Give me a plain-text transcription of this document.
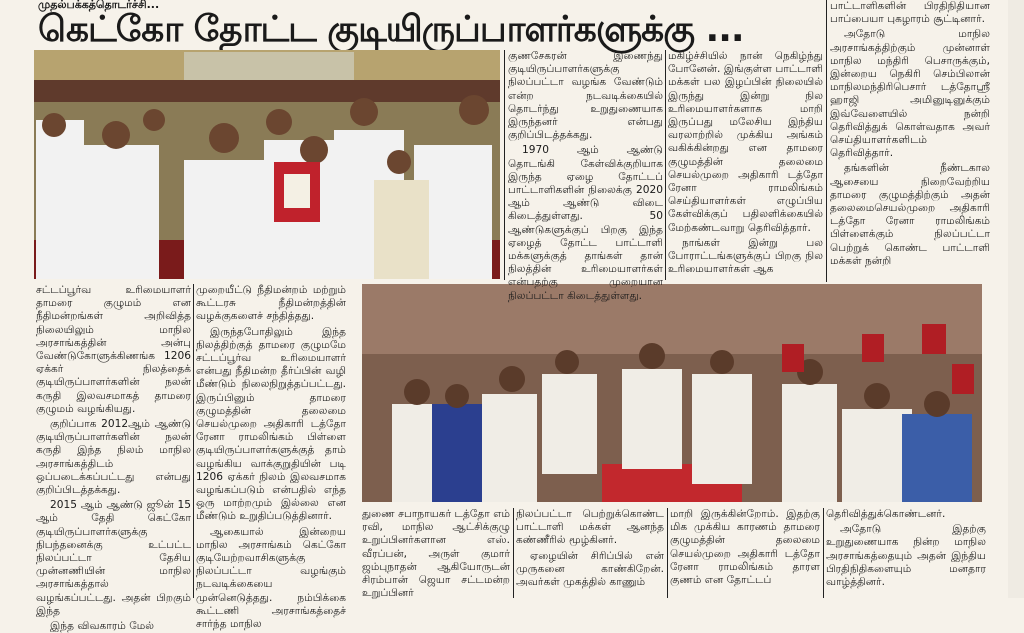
முதல்பக்கத்தொடர்ச்சி...
கெட்கோ தோட்ட குடியிருப்பாளர்களுக்கு ...

சட்டப்பூர்வ உரிமையாளர் தாமரை குழுமம் என நீதிமன்றங்கள் அறிவித்த நிலையிலும் மாநில அரசாங்கத்தின் அன்பு வேண்டுகோளுக்கிணங்க 1206 ஏக்கர் நிலத்தைக் குடியிருப்பாளர்களின் நலன் கருதி இலவசமாகத் தாமரை குழுமம் வழங்கியது.

குறிப்பாக 2012ஆம் ஆண்டு குடியிருப்பாளர்களின் நலன் கருதி இந்த நிலம் மாநில அரசாங்கத்திடம் ஒப்படைக்கப்பட்டது என்பது குறிப்பிடத்தக்கது.

2015 ஆம் ஆண்டு ஜூன் 15 ஆம் தேதி கெட்கோ குடியிருப்பாளர்களுக்கு நிபந்தனைக்கு உட்பட்ட நிலப்பட்டா தேசிய முன்னணியின் மாநில அரசாங்கத்தால் வழங்கப்பட்டது. அதன் பிறகும் இந்த

இந்த விவகாரம் மேல்

முறையீட்டு நீதிமன்றம் மற்றும் கூட்டரசு நீதிமன்றத்தின் வழக்குகளைச் சந்தித்தது.

இருந்தபோதிலும் இந்த நிலத்திற்குத் தாமரை குழுமமே சட்டப்பூர்வ உரிமையாளர் என்பது நீதிமன்ற தீர்ப்பின் வழி மீண்டும் நிலைநிறுத்தப்பட்டது. இருப்பினும் தாமரை குழுமத்தின் தலைமை செயல்முறை அதிகாரி டத்தோ ரேனா ராமலிங்கம் பிள்ளை குடியிருப்பாளர்களுக்குத் தாம் வழங்கிய வாக்குறுதியின் படி 1206 ஏக்கர் நிலம் இலவசமாக வழங்கப்படும் என்பதில் எந்த ஒரு மாற்றமும் இல்லை என மீண்டும் உறுதிப்படுத்தினார்.

ஆகையால் இன்றைய மாநில அரசாங்கம் கெட்கோ குடியேற்றவாசிகளுக்கு நிலப்பட்டா வழங்கும் நடவடிக்கையை முன்னெடுத்தது. நம்பிக்கை கூட்டணி அரசாங்கத்தைச் சார்ந்த மாநில

குணசேகரன் இணைந்து குடியிருப்பாளர்களுக்கு நிலப்பட்டா வழங்க வேண்டும் என்ற நடவடிக்கையில் தொடர்ந்து உறுதுணையாக இருந்தனர் என்பது குறிப்பிடத்தக்கது.

1970 ஆம் ஆண்டு தொடங்கி கேள்விக்குறியாக இருந்த ஏழை தோட்டப் பாட்டாளிகளின் நிலைக்கு 2020 ஆம் ஆண்டு விடை கிடைத்துள்ளது. 50 ஆண்டுகளுக்குப் பிறகு இந்த ஏழைத் தோட்ட பாட்டாளி மக்களுக்குத் தாங்கள் தான் நிலத்தின் உரிமையாளர்கள் என்பதற்கு முறையான நிலப்பட்டா கிடைத்துள்ளது.

மகிழ்ச்சியில் நான் நெகிழ்ந்து போனேன். இங்குள்ள பாட்டாளி மக்கள் பல இழப்பின் நிலையில் இருந்து இன்று நில உரிமையாளர்களாக மாறி இருப்பது மலேசிய இந்திய வரலாற்றில் முக்கிய அங்கம் வகிக்கின்றது என தாமரை குழுமத்தின் தலைமை செயல்முறை அதிகாரி டத்தோ ரேனா ராமலிங்கம் செய்தியாளர்கள் எழுப்பிய கேள்விக்குப் பதிலளிக்கையில் மேற்கண்டவாறு தெரிவித்தார்.

நாங்கள் இன்று பல போராட்டங்களுக்குப் பிறகு நில உரிமையாளர்கள் ஆக

பாட்டாளிகளின் பிரதிநிதியான பாப்பையா புகழாரம் சூட்டினார்.

அதோடு மாநில அரசாங்கத்திற்கும் முன்னாள் மாநில மந்திரி பெசாருக்கும், இன்றைய நெகிரி செம்பிலான் மாநிலமந்திரிபெசார் டத்தோஸ்ரீ ஹாஜி அமினுடினுக்கும் இவ்வேளையில் நன்றி தெரிவித்துக் கொள்வதாக அவர் செய்தியாளர்களிடம் தெரிவித்தார்.

தங்களின் நீண்டகால ஆசையை நிறைவேற்றிய தாமரை குழுமத்திற்கும் அதன் தலைமைசெயல்முறை அதிகாரி டத்தோ ரேனா ராமலிங்கம் பிள்ளைக்கும் நிலப்பட்டா பெற்றுக் கொண்ட பாட்டாளி மக்கள் நன்றி

துணை சபாநாயகர் டத்தோ எம் ரவி, மாநில ஆட்சிக்குழு உறுப்பினர்களான எஸ். வீரப்பன், அருள் குமார் ஜம்புநாதன் ஆகியோருடன் சிரம்பான் ஜெயா சட்டமன்ற உறுப்பினர்

நிலப்பட்டா பெற்றுக்கொண்ட பாட்டாளி மக்கள் ஆனந்த கண்ணீரில் மூழ்கினர்.

ஏழையின் சிரிப்பில் என் முருகனை காண்கிறேன். அவர்கள் முகத்தில் காணும்

மாறி இருக்கின்றோம். இதற்கு மிக முக்கிய காரணம் தாமரை குழுமத்தின் தலைமை செயல்முறை அதிகாரி டத்தோ ரேனா ராமலிங்கம் தாரள குணம் என தோட்டப்

தெரிவித்துக்கொண்டனர்.

அதோடு இதற்கு உறுதுணையாக நின்ற மாநில அரசாங்கத்தையும் அதன் இந்திய பிரதிநிதிகளையும் மனதார வாழ்த்தினர்.
